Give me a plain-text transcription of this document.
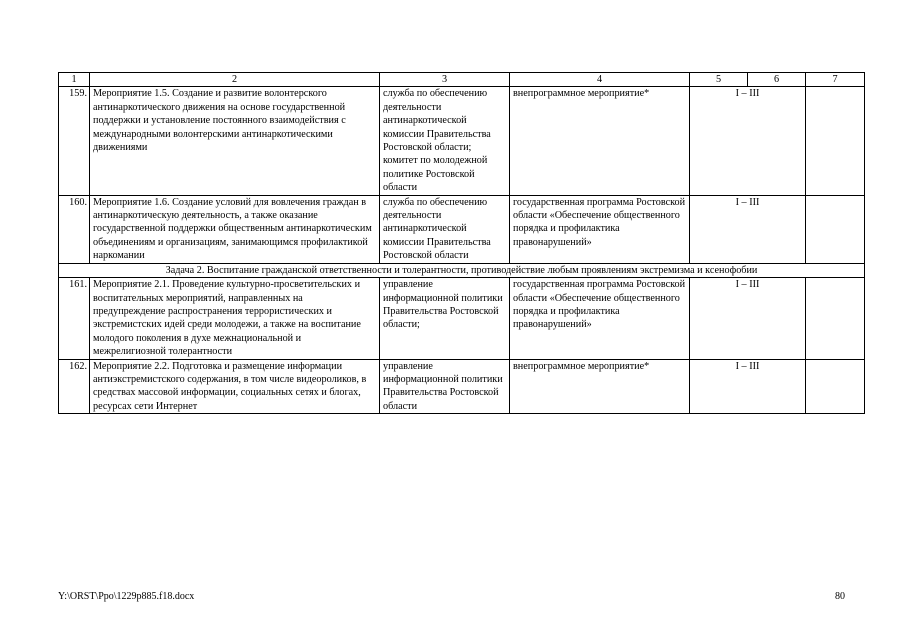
1	2	3	4	5	6	7
159.	Мероприятие 1.5. Создание и развитие волонтерского антинаркотического движения на основе государственной поддержки и установление постоянного взаимодействия с международными волонтерскими антинаркотическими движениями	служба по обеспечению деятельности антинаркотической комиссии Правительства Ростовской области; комитет по молодежной политике Ростовской области	внепрограммное мероприятие*	I – III		
160.	Мероприятие 1.6. Создание условий для вовлечения граждан в антинаркотическую деятельность, а также оказание государственной поддержки общественным антинаркотическим объединениям и организациям, занимающимся профилактикой наркомании	служба по обеспечению деятельности антинаркотической комиссии Правительства Ростовской области	государственная программа Ростовской области «Обеспечение общественного порядка и профилактика правонарушений»	I – III		
Задача 2. Воспитание гражданской ответственности и толерантности, противодействие любым проявлениям экстремизма и ксенофобии						
161.	Мероприятие 2.1. Проведение культурно-просветительских и воспитательных мероприятий, направленных на предупреждение распространения террористических и экстремистских идей среди молодежи, а также на воспитание молодого поколения в духе межнациональной и межрелигиозной толерантности	управление информационной политики Правительства Ростовской области;	государственная программа Ростовской области «Обеспечение общественного порядка и профилактика правонарушений»	I – III		
162.	Мероприятие 2.2. Подготовка и размещение информации антиэкстремистского содержания, в том числе видеороликов, в средствах массовой информации, социальных сетях и блогах, ресурсах сети Интернет	управление информационной политики Правительства Ростовской области	внепрограммное мероприятие*	I – III		
Y:\ORST\Ppo\1229p885.f18.docx	80
